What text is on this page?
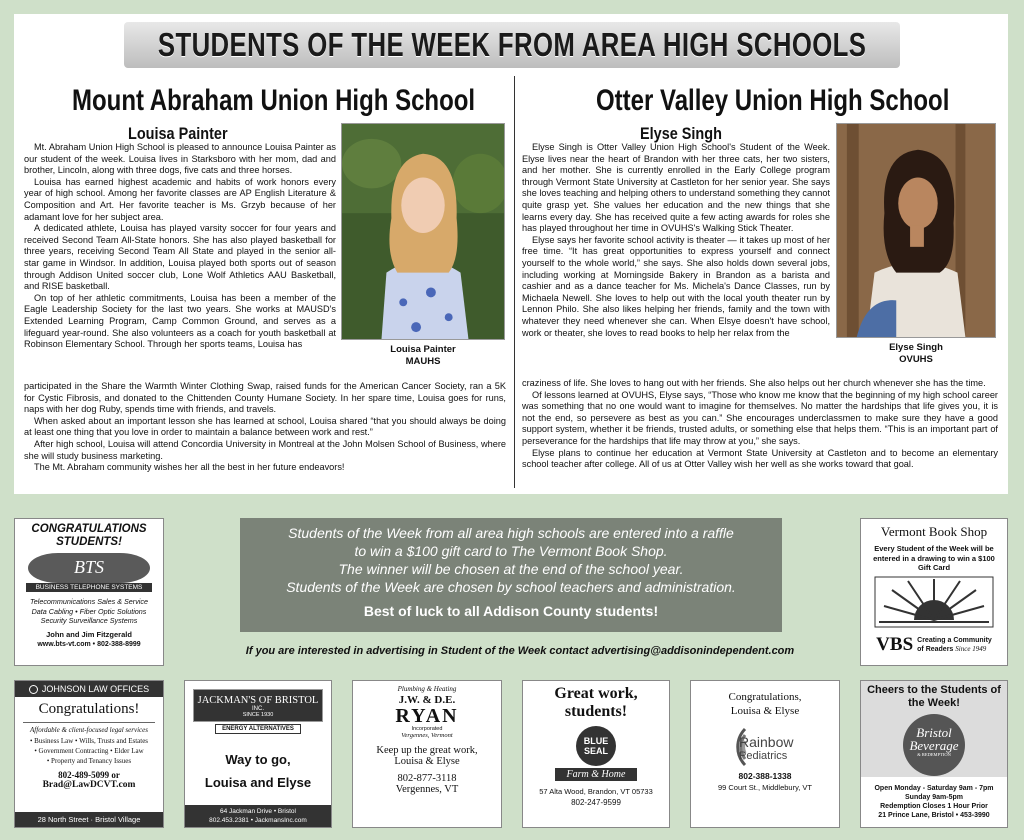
STUDENTS OF THE WEEK FROM AREA HIGH SCHOOLS
Mount Abraham Union High School
Louisa Painter

Mt. Abraham Union High School is pleased to announce Louisa Painter as our student of the week. Louisa lives in Starksboro with her mom, dad and brother, Lincoln, along with three dogs, five cats and three horses.

Louisa has earned highest academic and habits of work honors every year of high school. Among her favorite classes are AP English Literature & Composition and Art. Her favorite teacher is Ms. Grzyb because of her adamant love for her subject area.

A dedicated athlete, Louisa has played varsity soccer for four years and received Second Team All-State honors. She has also played basketball for three years, receiving Second Team All State and played in the senior all-star game in Windsor. In addition, Louisa played both sports out of season through Addison United soccer club, Lone Wolf Athletics AAU Basketball, and RISE basketball.

On top of her athletic commitments, Louisa has been a member of the Eagle Leadership Society for the last two years. She works at MAUSD's Extended Learning Program, Camp Common Ground, and serves as a lifeguard year-round. She also volunteers as a coach for youth basketball at Robinson Elementary School. Through her sports teams, Louisa has	Louisa Painter
MAUHS

participated in the Share the Warmth Winter Clothing Swap, raised funds for the American Cancer Society, ran a 5K for Cystic Fibrosis, and donated to the Chittenden County Humane Society. In her spare time, Louisa goes for runs, naps with her dog Ruby, spends time with friends, and travels.

When asked about an important lesson she has learned at school, Louisa shared “that you should always be doing at least one thing that you love in order to maintain a balance between work and rest.”

After high school, Louisa will attend Concordia University in Montreal at the John Molsen School of Business, where she will study business marketing.

The Mt. Abraham community wishes her all the best in her future endeavors!

Otter Valley Union High School
Elyse Singh

Elyse Singh is Otter Valley Union High School's Student of the Week. Elyse lives near the heart of Brandon with her three cats, her two sisters, and her mother. She is currently enrolled in the Early College program through Vermont State University at Castleton for her senior year. She says she loves teaching and helping others to understand something they cannot quite grasp yet. She values her education and the new things that she learns every day. She has received quite a few acting awards for roles she has played throughout her time in OVUHS's Walking Stick Theater.

Elyse says her favorite school activity is theater — it takes up most of her free time. “It has great opportunities to express yourself and connect yourself to the whole world,” she says. She also holds down several jobs, including working at Morningside Bakery in Brandon as a barista and cashier and as a dance teacher for Ms. Michela's Dance Classes, run by Michaela Newell. She loves to help out with the local youth theater run by Lennon Philo. She also likes helping her friends, family and the town with whatever they need whenever she can. When Elsye doesn't have school, work or theater, she loves to read books to help her relax from the

Elyse Singh
OVUHS

craziness of life. She loves to hang out with her friends. She also helps out her church whenever she has the time.

Of lessons learned at OVUHS, Elyse says, “Those who know me know that the beginning of my high school career was something that no one would want to imagine for themselves. No matter the hardships that life gives you, it is not the end, so persevere as best as you can.” She encourages underclassmen to make sure they have a good support system, whether it be friends, trusted adults, or something else that helps them. “This is an important part of perseverance for the hardships that life may throw at you,” she says.

Elyse plans to continue her education at Vermont State University at Castleton and to become an elementary school teacher after college. All of us at Otter Valley wish her well as she works toward that goal.

CONGRATULATIONS STUDENTS!
BTS
BUSINESS TELEPHONE SYSTEMS
Telecommunications Sales & Service
Data Cabling • Fiber Optic Solutions
Security Surveillance Systems
John and Jim Fitzgerald
www.bts-vt.com • 802-388-8999
Students of the Week from all area high schools are entered into a raffle
to win a $100 gift card to The Vermont Book Shop.
The winner will be chosen at the end of the school year.
Students of the Week are chosen by school teachers and administration.
Best of luck to all Addison County students!
If you are interested in advertising in Student of the Week contact advertising@addisonindependent.com
Vermont Book Shop
Every Student of the Week will be entered in a drawing to win a $100 Gift Card
VBS Creating a Community
of Readers Since 1949
JOHNSON LAW OFFICES
Congratulations!
Affordable & client-focused legal services
• Business Law • Wills, Trusts and Estates
• Government Contracting • Elder Law
• Property and Tenancy Issues
802-489-5099 or
Brad@LawDCVT.com
28 North Street · Bristol Village
JACKMAN'S OF BRISTOL
INC.
SINCE 1930
ENERGY ALTERNATIVES
Way to go,
Louisa and Elyse
64 Jackman Drive • Bristol
802.453.2381 • JackmansInc.com
Plumbing & Heating
J.W. & D.E.
RYAN
Incorporated
Vergennes, Vermont
Keep up the great work,
Louisa & Elyse
802-877-3118
Vergennes, VT
Great work, students!
BLUE
SEAL
Farm & Home
57 Alta Wood, Brandon, VT 05733
802-247-9599
Congratulations,
Louisa & Elyse
Rainbow
Pediatrics
802-388-1338
99 Court St., Middlebury, VT
Cheers to the Students of the Week!
Bristol
Beverage
& REDEMPTION
Open Monday - Saturday 9am - 7pm
Sunday 9am-5pm
Redemption Closes 1 Hour Prior
21 Prince Lane, Bristol • 453-3990
